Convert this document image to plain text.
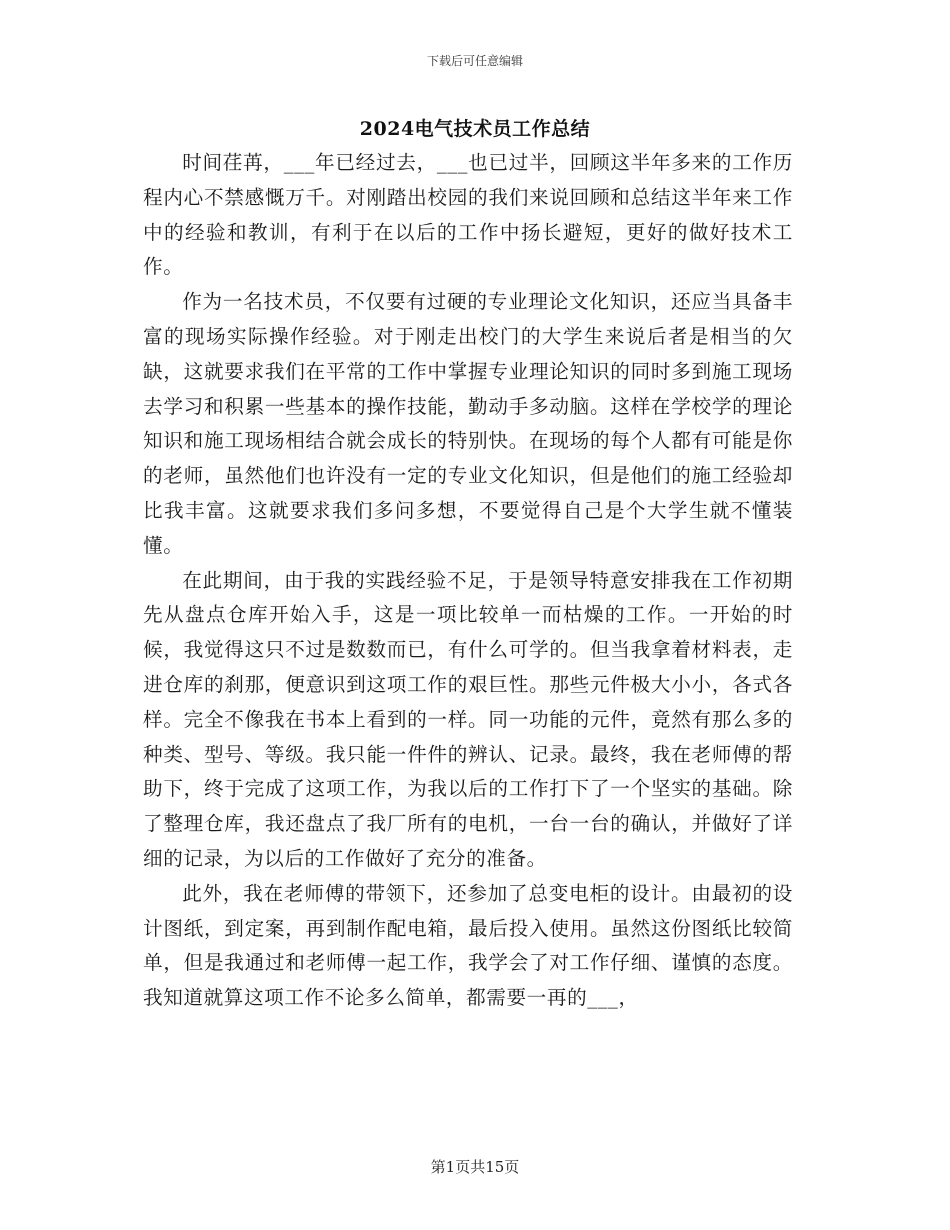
下载后可任意编辑
2024电气技术员工作总结

时间荏苒，___年已经过去，___也已过半，回顾这半年多来的工作历程内心不禁感慨万千。对刚踏出校园的我们来说回顾和总结这半年来工作中的经验和教训，有利于在以后的工作中扬长避短，更好的做好技术工作。

作为一名技术员，不仅要有过硬的专业理论文化知识，还应当具备丰富的现场实际操作经验。对于刚走出校门的大学生来说后者是相当的欠缺，这就要求我们在平常的工作中掌握专业理论知识的同时多到施工现场去学习和积累一些基本的操作技能，勤动手多动脑。这样在学校学的理论知识和施工现场相结合就会成长的特别快。在现场的每个人都有可能是你的老师，虽然他们也许没有一定的专业文化知识，但是他们的施工经验却比我丰富。这就要求我们多问多想，不要觉得自己是个大学生就不懂装懂。

在此期间，由于我的实践经验不足，于是领导特意安排我在工作初期先从盘点仓库开始入手，这是一项比较单一而枯燥的工作。一开始的时候，我觉得这只不过是数数而已，有什么可学的。但当我拿着材料表，走进仓库的刹那，便意识到这项工作的艰巨性。那些元件极大小小，各式各样。完全不像我在书本上看到的一样。同一功能的元件，竟然有那么多的种类、型号、等级。我只能一件件的辨认、记录。最终，我在老师傅的帮助下，终于完成了这项工作，为我以后的工作打下了一个坚实的基础。除了整理仓库，我还盘点了我厂所有的电机，一台一台的确认，并做好了详细的记录，为以后的工作做好了充分的准备。

此外，我在老师傅的带领下，还参加了总变电柜的设计。由最初的设计图纸，到定案，再到制作配电箱，最后投入使用。虽然这份图纸比较简单，但是我通过和老师傅一起工作，我学会了对工作仔细、谨慎的态度。我知道就算这项工作不论多么简单，都需要一再的___，

第1页共15页
